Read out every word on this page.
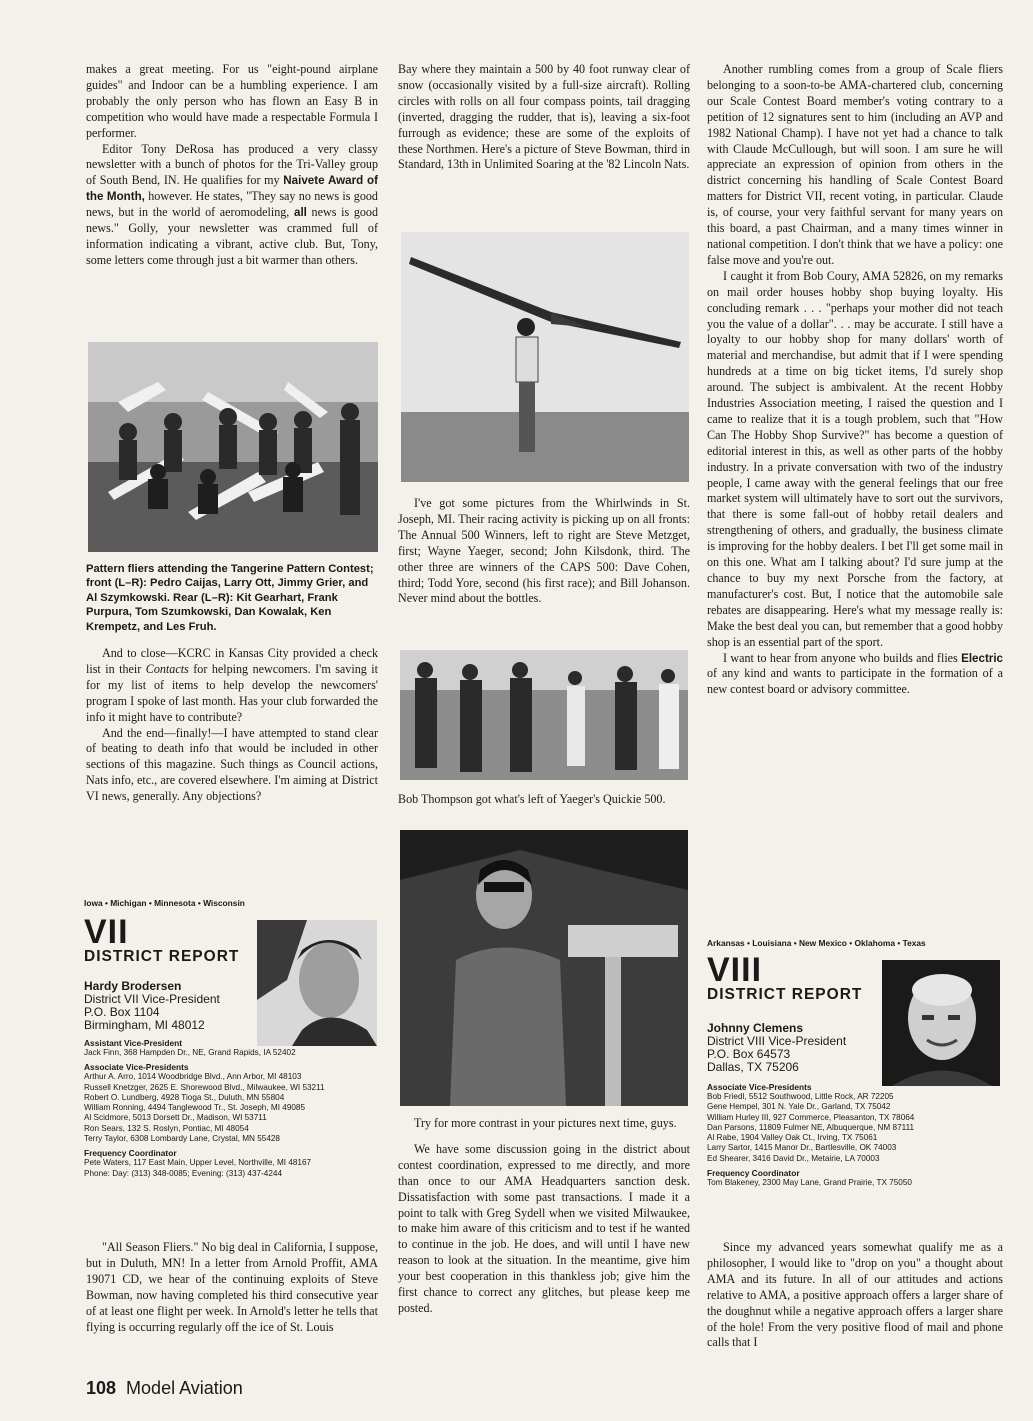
makes a great meeting. For us "eight-pound airplane guides" and Indoor can be a humbling experience. I am probably the only person who has flown an Easy B in competition who would have made a respectable Formula I performer.

Editor Tony DeRosa has produced a very classy newsletter with a bunch of photos for the Tri-Valley group of South Bend, IN. He qualifies for my Naivete Award of the Month, however. He states, "They say no news is good news, but in the world of aeromodeling, all news is good news." Golly, your newsletter was crammed full of information indicating a vibrant, active club. But, Tony, some letters come through just a bit warmer than others.

Pattern fliers attending the Tangerine Pattern Contest; front (L–R): Pedro Caijas, Larry Ott, Jimmy Grier, and Al Szymkowski. Rear (L–R): Kit Gearhart, Frank Purpura, Tom Szumkowski, Dan Kowalak, Ken Krempetz, and Les Fruh.

And to close—KCRC in Kansas City provided a check list in their Contacts for helping newcomers. I'm saving it for my list of items to help develop the newcomers' program I spoke of last month. Has your club forwarded the info it might have to contribute?

And the end—finally!—I have attempted to stand clear of beating to death info that would be included in other sections of this magazine. Such things as Council actions, Nats info, etc., are covered elsewhere. I'm aiming at District VI news, generally. Any objections?

Iowa • Michigan • Minnesota • Wisconsin
VII
DISTRICT REPORT
Hardy Brodersen
District VII Vice-President
P.O. Box 1104
Birmingham, MI 48012
Assistant Vice-President
Jack Finn, 368 Hampden Dr., NE, Grand Rapids, IA 52402
Associate Vice-Presidents
Arthur A. Arro, 1014 Woodbridge Blvd., Ann Arbor, MI 48103
Russell Knetzger, 2625 E. Shorewood Blvd., Milwaukee, WI 53211
Robert O. Lundberg, 4928 Tioga St., Duluth, MN 55804
William Ronning, 4494 Tanglewood Tr., St. Joseph, MI 49085
Al Scidmore, 5013 Dorsett Dr., Madison, WI 53711
Ron Sears, 132 S. Roslyn, Pontiac, MI 48054
Terry Taylor, 6308 Lombardy Lane, Crystal, MN 55428
Frequency Coordinator
Pete Waters, 117 East Main, Upper Level, Northville, MI 48167
Phone: Day: (313) 348-0085; Evening: (313) 437-4244

"All Season Fliers." No big deal in California, I suppose, but in Duluth, MN! In a letter from Arnold Proffit, AMA 19071 CD, we hear of the continuing exploits of Steve Bowman, now having completed his third consecutive year of at least one flight per week. In Arnold's letter he tells that flying is occurring regularly off the ice of St. Louis

Bay where they maintain a 500 by 40 foot runway clear of snow (occasionally visited by a full-size aircraft). Rolling circles with rolls on all four compass points, tail dragging (inverted, dragging the rudder, that is), leaving a six-foot furrough as evidence; these are some of the exploits of these Northmen. Here's a picture of Steve Bowman, third in Standard, 13th in Unlimited Soaring at the '82 Lincoln Nats.

I've got some pictures from the Whirlwinds in St. Joseph, MI. Their racing activity is picking up on all fronts: The Annual 500 Winners, left to right are Steve Metzget, first; Wayne Yaeger, second; John Kilsdonk, third. The other three are winners of the CAPS 500: Dave Cohen, third; Todd Yore, second (his first race); and Bill Johanson. Never mind about the bottles.

Bob Thompson got what's left of Yaeger's Quickie 500.

Try for more contrast in your pictures next time, guys.

We have some discussion going in the district about contest coordination, expressed to me directly, and more than once to our AMA Headquarters sanction desk. Dissatisfaction with some past transactions. I made it a point to talk with Greg Sydell when we visited Milwaukee, to make him aware of this criticism and to test if he wanted to continue in the job. He does, and will until I have new reason to look at the situation. In the meantime, give him your best cooperation in this thankless job; give him the first chance to correct any glitches, but please keep me posted.

Another rumbling comes from a group of Scale fliers belonging to a soon-to-be AMA-chartered club, concerning our Scale Contest Board member's voting contrary to a petition of 12 signatures sent to him (including an AVP and 1982 National Champ). I have not yet had a chance to talk with Claude McCullough, but will soon. I am sure he will appreciate an expression of opinion from others in the district concerning his handling of Scale Contest Board matters for District VII, recent voting, in particular. Claude is, of course, your very faithful servant for many years on this board, a past Chairman, and a many times winner in national competition. I don't think that we have a policy: one false move and you're out.

I caught it from Bob Coury, AMA 52826, on my remarks on mail order houses hobby shop buying loyalty. His concluding remark . . . "perhaps your mother did not teach you the value of a dollar". . . may be accurate. I still have a loyalty to our hobby shop for many dollars' worth of material and merchandise, but admit that if I were spending hundreds at a time on big ticket items, I'd surely shop around. The subject is ambivalent. At the recent Hobby Industries Association meeting, I raised the question and I came to realize that it is a tough problem, such that "How Can The Hobby Shop Survive?" has become a question of editorial interest in this, as well as other parts of the hobby industry. In a private conversation with two of the industry people, I came away with the general feelings that our free market system will ultimately have to sort out the survivors, that there is some fall-out of hobby retail dealers and strengthening of others, and gradually, the business climate is improving for the hobby dealers. I bet I'll get some mail in on this one. What am I talking about? I'd sure jump at the chance to buy my next Porsche from the factory, at manufacturer's cost. But, I notice that the automobile sale rebates are disappearing. Here's what my message really is: Make the best deal you can, but remember that a good hobby shop is an essential part of the sport.

I want to hear from anyone who builds and flies Electric of any kind and wants to participate in the formation of a new contest board or advisory committee.

Arkansas • Louisiana • New Mexico • Oklahoma • Texas
VIII
DISTRICT REPORT
Johnny Clemens
District VIII Vice-President
P.O. Box 64573
Dallas, TX 75206
Associate Vice-Presidents
Bob Friedl, 5512 Southwood, Little Rock, AR 72205
Gene Hempel, 301 N. Yale Dr., Garland, TX 75042
William Hurley III, 927 Commerce, Pleasanton, TX 78064
Dan Parsons, 11809 Fulmer NE, Albuquerque, NM 87111
Al Rabe, 1904 Valley Oak Ct., Irving, TX 75061
Larry Sartor, 1415 Manor Dr., Bartlesville, OK 74003
Ed Shearer, 3416 David Dr., Metairie, LA 70003
Frequency Coordinator
Tom Blakeney, 2300 May Lane, Grand Prairie, TX 75050

Since my advanced years somewhat qualify me as a philosopher, I would like to "drop on you" a thought about AMA and its future. In all of our attitudes and actions relative to AMA, a positive approach offers a larger share of the doughnut while a negative approach offers a larger share of the hole! From the very positive flood of mail and phone calls that I

108 Model Aviation
